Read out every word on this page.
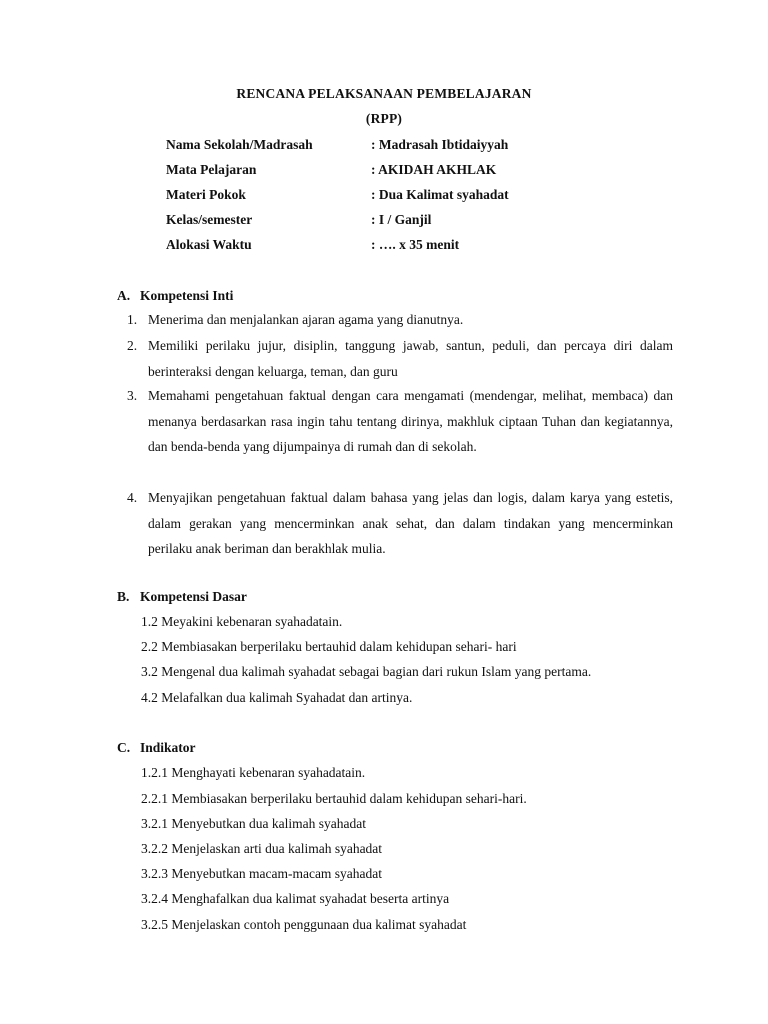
RENCANA PELAKSANAAN PEMBELAJARAN
(RPP)
Nama Sekolah/Madrasah	: Madrasah Ibtidaiyyah
Mata Pelajaran	: AKIDAH AKHLAK
Materi Pokok	: Dua Kalimat syahadat
Kelas/semester	: I / Ganjil
Alokasi Waktu	: …. x 35 menit
A. Kompetensi Inti
1. Menerima dan menjalankan ajaran agama yang dianutnya.
2. Memiliki perilaku jujur, disiplin, tanggung jawab, santun, peduli, dan percaya diri dalam berinteraksi dengan keluarga, teman, dan guru
3. Memahami pengetahuan faktual dengan cara mengamati (mendengar, melihat, membaca) dan menanya berdasarkan rasa ingin tahu tentang dirinya, makhluk ciptaan Tuhan dan kegiatannya, dan benda-benda yang dijumpainya di rumah dan di sekolah.
4. Menyajikan pengetahuan faktual dalam bahasa yang jelas dan logis, dalam karya yang estetis, dalam gerakan yang mencerminkan anak sehat, dan dalam tindakan yang mencerminkan perilaku anak beriman dan berakhlak mulia.
B. Kompetensi Dasar
1.2 Meyakini kebenaran syahadatain.
2.2 Membiasakan berperilaku bertauhid dalam kehidupan sehari- hari
3.2 Mengenal dua kalimah syahadat sebagai bagian dari rukun Islam yang pertama.
4.2 Melafalkan dua kalimah Syahadat dan artinya.
C. Indikator
1.2.1 Menghayati kebenaran syahadatain.
2.2.1 Membiasakan berperilaku bertauhid dalam kehidupan sehari-hari.
3.2.1 Menyebutkan dua kalimah syahadat
3.2.2 Menjelaskan arti dua kalimah syahadat
3.2.3 Menyebutkan macam-macam syahadat
3.2.4 Menghafalkan dua kalimat syahadat beserta artinya
3.2.5 Menjelaskan contoh penggunaan dua kalimat syahadat
